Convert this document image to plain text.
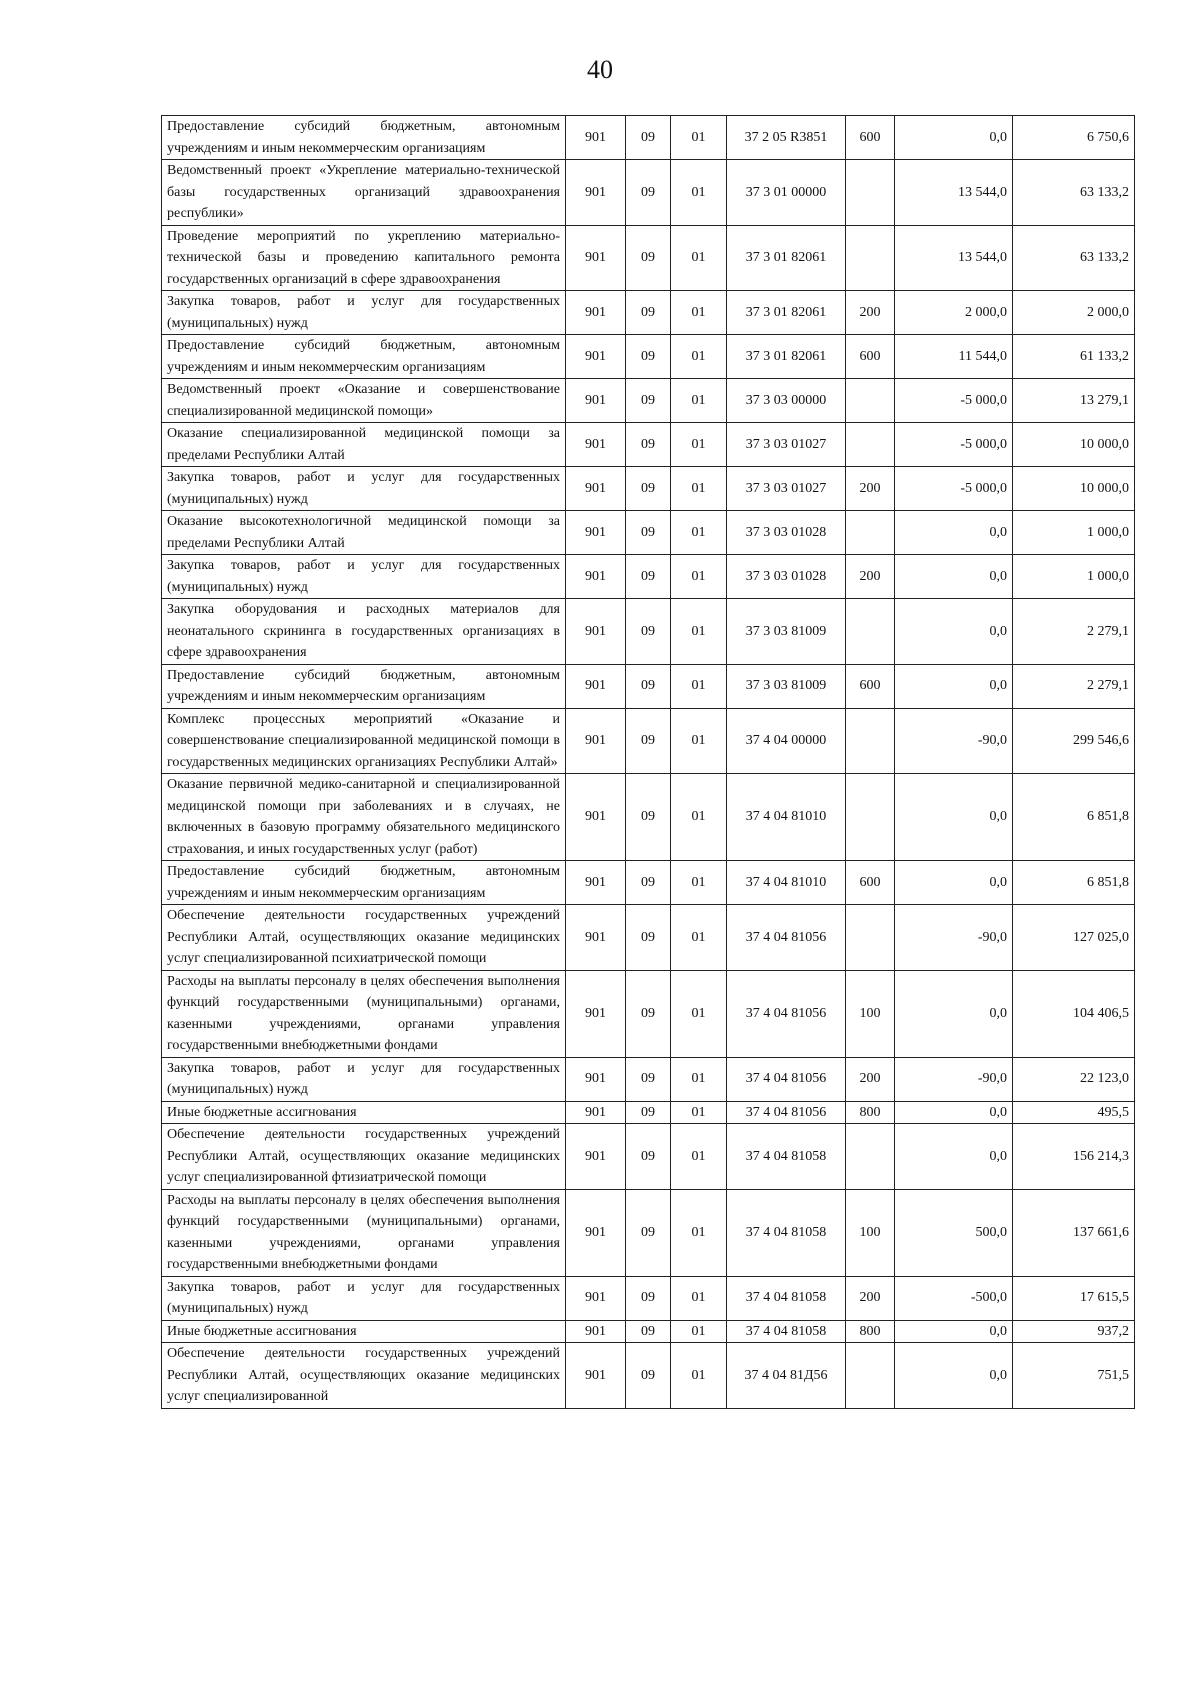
40
Предоставление субсидий бюджетным, автономным учреждениям и иным некоммерческим организациям	901	09	01	37 2 05 R3851	600	0,0	6 750,6
Ведомственный проект «Укрепление материально-технической базы государственных организаций здравоохранения республики»	901	09	01	37 3 01 00000		13 544,0	63 133,2
Проведение мероприятий по укреплению материально-технической базы и проведению капитального ремонта государственных организаций в сфере здравоохранения	901	09	01	37 3 01 82061		13 544,0	63 133,2
Закупка товаров, работ и услуг для государственных (муниципальных) нужд	901	09	01	37 3 01 82061	200	2 000,0	2 000,0
Предоставление субсидий бюджетным, автономным учреждениям и иным некоммерческим организациям	901	09	01	37 3 01 82061	600	11 544,0	61 133,2
Ведомственный проект «Оказание и совершенствование специализированной медицинской помощи»	901	09	01	37 3 03 00000		-5 000,0	13 279,1
Оказание специализированной медицинской помощи за пределами Республики Алтай	901	09	01	37 3 03 01027		-5 000,0	10 000,0
Закупка товаров, работ и услуг для государственных (муниципальных) нужд	901	09	01	37 3 03 01027	200	-5 000,0	10 000,0
Оказание высокотехнологичной медицинской помощи за пределами Республики Алтай	901	09	01	37 3 03 01028		0,0	1 000,0
Закупка товаров, работ и услуг для государственных (муниципальных) нужд	901	09	01	37 3 03 01028	200	0,0	1 000,0
Закупка оборудования и расходных материалов для неонатального скрининга в государственных организациях в сфере здравоохранения	901	09	01	37 3 03 81009		0,0	2 279,1
Предоставление субсидий бюджетным, автономным учреждениям и иным некоммерческим организациям	901	09	01	37 3 03 81009	600	0,0	2 279,1
Комплекс процессных мероприятий «Оказание и совершенствование специализированной медицинской помощи в государственных медицинских организациях Республики Алтай»	901	09	01	37 4 04 00000		-90,0	299 546,6
Оказание первичной медико-санитарной и специализированной медицинской помощи при заболеваниях и в случаях, не включенных в базовую программу обязательного медицинского страхования, и иных государственных услуг (работ)	901	09	01	37 4 04 81010		0,0	6 851,8
Предоставление субсидий бюджетным, автономным учреждениям и иным некоммерческим организациям	901	09	01	37 4 04 81010	600	0,0	6 851,8
Обеспечение деятельности государственных учреждений Республики Алтай, осуществляющих оказание медицинских услуг специализированной психиатрической помощи	901	09	01	37 4 04 81056		-90,0	127 025,0
Расходы на выплаты персоналу в целях обеспечения выполнения функций государственными (муниципальными) органами, казенными учреждениями, органами управления государственными внебюджетными фондами	901	09	01	37 4 04 81056	100	0,0	104 406,5
Закупка товаров, работ и услуг для государственных (муниципальных) нужд	901	09	01	37 4 04 81056	200	-90,0	22 123,0
Иные бюджетные ассигнования	901	09	01	37 4 04 81056	800	0,0	495,5
Обеспечение деятельности государственных учреждений Республики Алтай, осуществляющих оказание медицинских услуг специализированной фтизиатрической помощи	901	09	01	37 4 04 81058		0,0	156 214,3
Расходы на выплаты персоналу в целях обеспечения выполнения функций государственными (муниципальными) органами, казенными учреждениями, органами управления государственными внебюджетными фондами	901	09	01	37 4 04 81058	100	500,0	137 661,6
Закупка товаров, работ и услуг для государственных (муниципальных) нужд	901	09	01	37 4 04 81058	200	-500,0	17 615,5
Иные бюджетные ассигнования	901	09	01	37 4 04 81058	800	0,0	937,2
Обеспечение деятельности государственных учреждений Республики Алтай, осуществляющих оказание медицинских услуг специализированной	901	09	01	37 4 04 81Д56		0,0	751,5
